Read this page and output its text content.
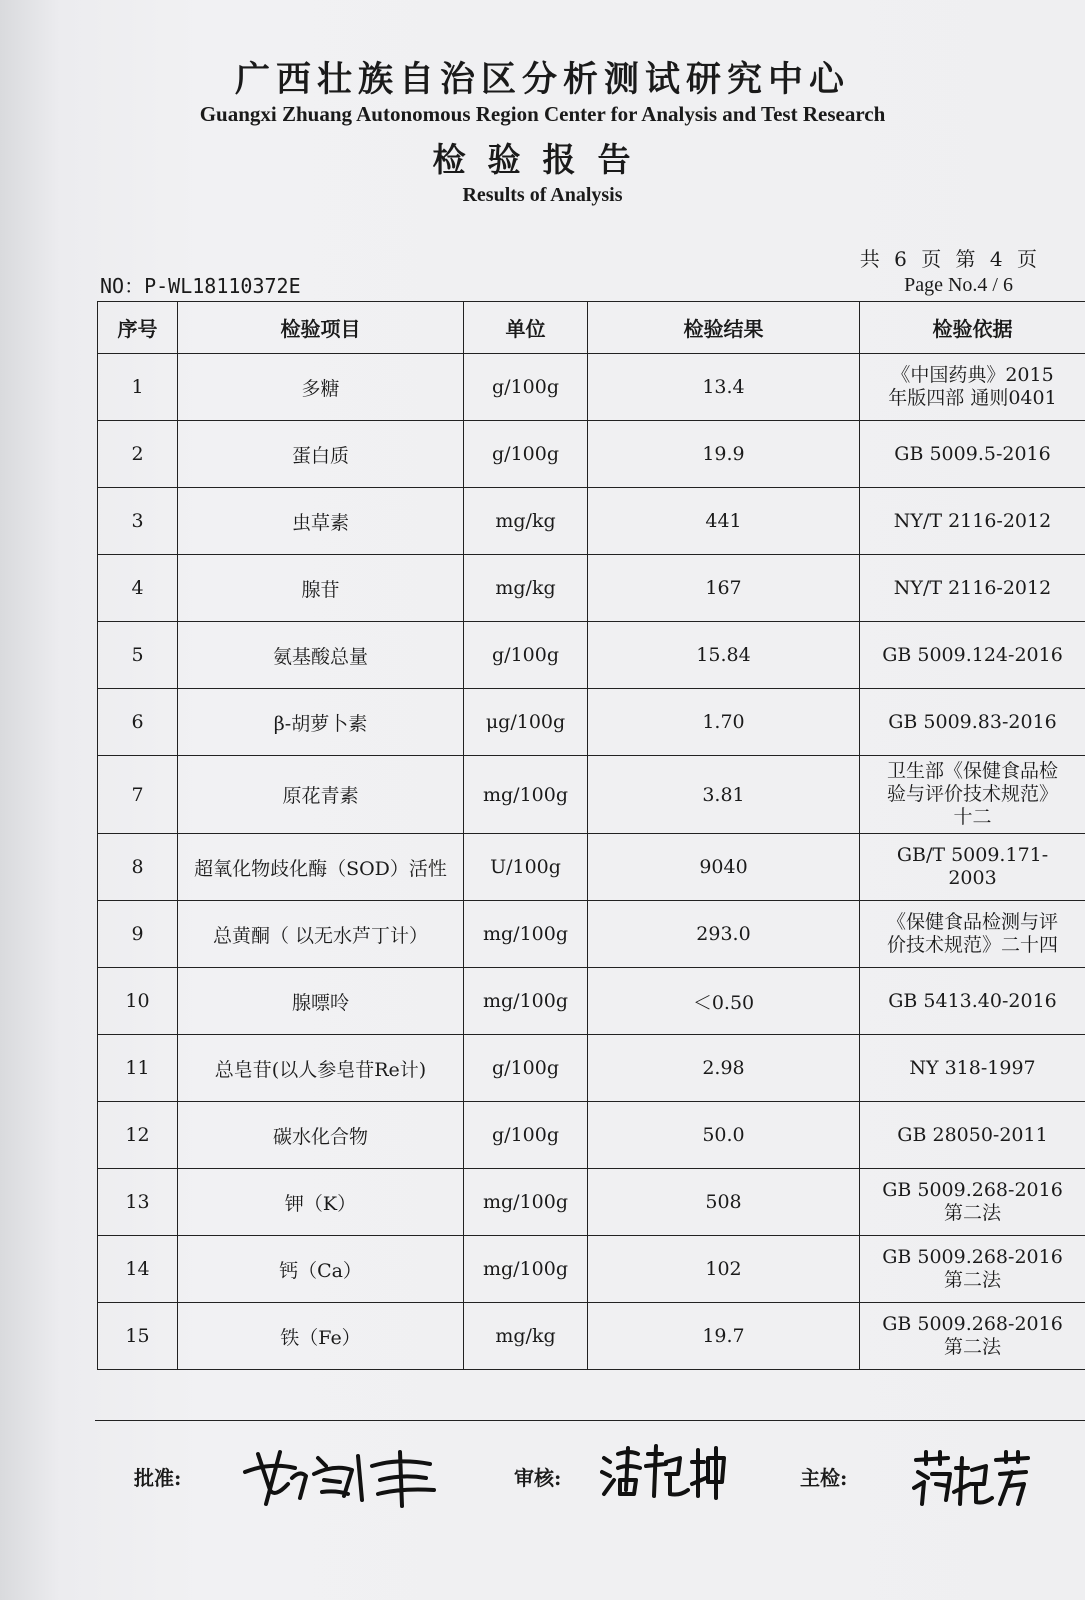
广西壮族自治区分析测试研究中心
Guangxi Zhuang Autonomous Region Center for Analysis and Test Research
检验报告
Results of Analysis
共 6 页 第 4 页
Page No.4 / 6
NO：P-WL18110372E
序号	检验项目	单位	检验结果	检验依据
1	多糖	g/100g	13.4	《中国药典》2015
年版四部 通则0401

2	蛋白质	g/100g	19.9	GB 5009.5-2016

3	虫草素	mg/kg	441	NY/T 2116-2012

4	腺苷	mg/kg	167	NY/T 2116-2012

5	氨基酸总量	g/100g	15.84	GB 5009.124-2016

6	β-胡萝卜素	μg/100g	1.70	GB 5009.83-2016

7	原花青素	mg/100g	3.81	卫生部《保健食品检
验与评价技术规范》
十二

8	超氧化物歧化酶（SOD）活性	U/100g	9040	GB/T 5009.171-
2003

9	总黄酮（ 以无水芦丁计）	mg/100g	293.0	《保健食品检测与评
价技术规范》二十四

10	腺嘌呤	mg/100g	＜0.50	GB 5413.40-2016

11	总皂苷(以人参皂苷Re计)	g/100g	2.98	NY 318-1997

12	碳水化合物	g/100g	50.0	GB 28050-2011

13	钾（K）	mg/100g	508	GB 5009.268-2016
第二法

14	钙（Ca）	mg/100g	102	GB 5009.268-2016
第二法

15	铁（Fe）	mg/kg	19.7	GB 5009.268-2016
第二法
批准:	审核:	主检:
